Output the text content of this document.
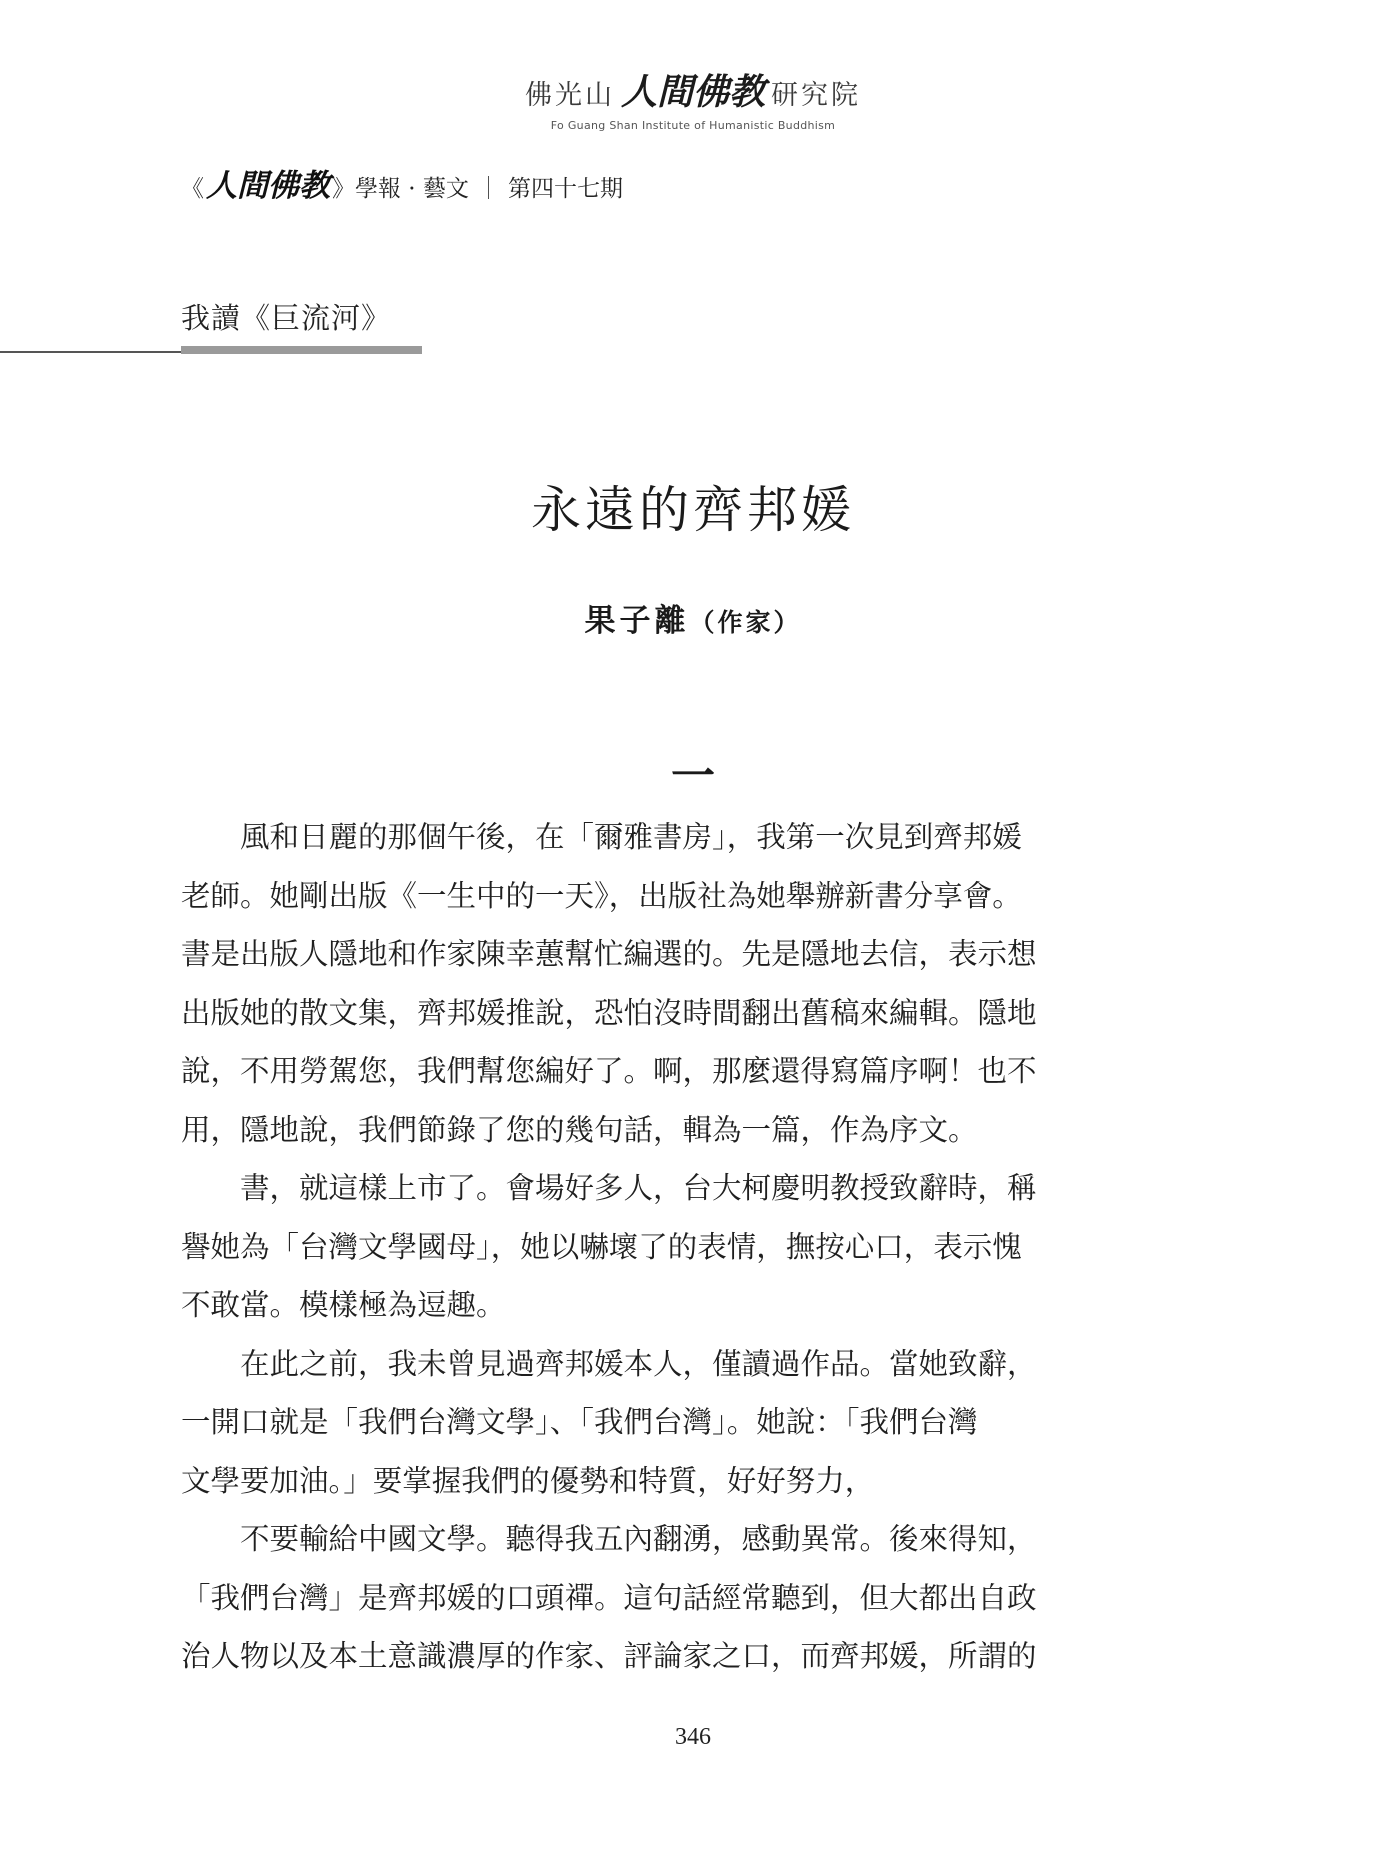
佛光山 人間佛教 研究院
Fo Guang Shan Institute of Humanistic Buddhism
《人間佛教》學報 · 藝文 ｜ 第四十七期
我讀《巨流河》
永遠的齊邦媛
果子離（作家）
一

風和日麗的那個午後，在「爾雅書房」，我第一次見到齊邦媛
老師。她剛出版《一生中的一天》，出版社為她舉辦新書分享會。
書是出版人隱地和作家陳幸蕙幫忙編選的。先是隱地去信，表示想
出版她的散文集，齊邦媛推說，恐怕沒時間翻出舊稿來編輯。隱地
說，不用勞駕您，我們幫您編好了。啊，那麼還得寫篇序啊！也不
用，隱地說，我們節錄了您的幾句話，輯為一篇，作為序文。

書，就這樣上市了。會場好多人，台大柯慶明教授致辭時，稱
譽她為「台灣文學國母」，她以嚇壞了的表情，撫按心口，表示愧
不敢當。模樣極為逗趣。

在此之前，我未曾見過齊邦媛本人，僅讀過作品。當她致辭，
一開口就是「我們台灣文學」、「我們台灣」。她說：「我們台灣
文學要加油。」要掌握我們的優勢和特質，好好努力，

不要輸給中國文學。聽得我五內翻湧，感動異常。後來得知，
「我們台灣」是齊邦媛的口頭禪。這句話經常聽到，但大都出自政
治人物以及本土意識濃厚的作家、評論家之口，而齊邦媛，所謂的

346
